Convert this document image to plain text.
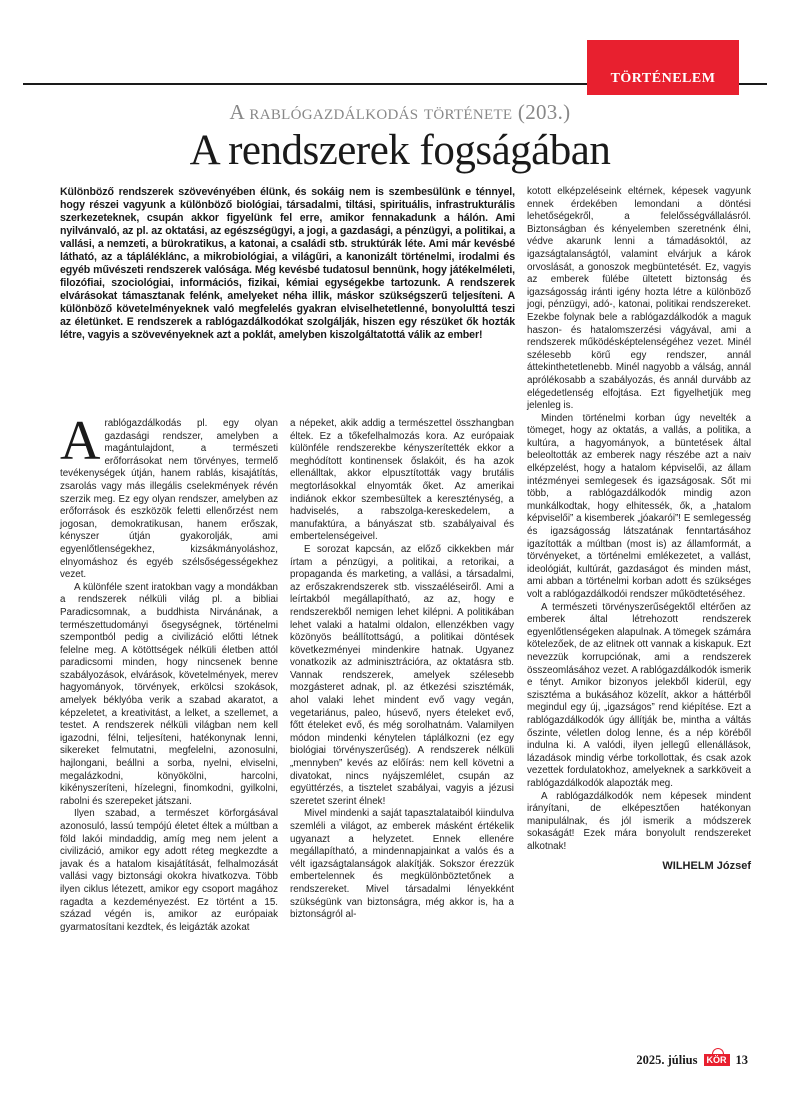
TÖRTÉNELEM
A rablógazdálkodás története (203.)
A rendszerek fogságában
Különböző rendszerek szövevényében élünk, és sokáig nem is szembesülünk e ténnyel, hogy részei vagyunk a különböző biológiai, társadalmi, tiltási, spirituális, infrastrukturális szerkezeteknek, csupán akkor figyelünk fel erre, amikor fennakadunk a hálón. Ami nyilvánvaló, az pl. az oktatási, az egészségügyi, a jogi, a gazdasági, a pénzügyi, a politikai, a vallási, a nemzeti, a bürokratikus, a katonai, a családi stb. struktúrák léte. Ami már kevésbé látható, az a tápláléklánc, a mikrobiológiai, a világűri, a kanonizált történelmi, irodalmi és egyéb művészeti rendszerek valósága. Még kevésbé tudatosul bennünk, hogy játékelméleti, filozófiai, szociológiai, információs, fizikai, kémiai egységekbe tartozunk. A rendszerek elvárásokat támasztanak felénk, amelyeket néha illik, máskor szükségszerű teljesíteni. A különböző követelményeknek való megfelelés gyakran elviselhetetlenné, bonyolulttá teszi az életünket. E rendszerek a rablógazdálkodókat szolgálják, hiszen egy részüket ők hozták létre, vagyis a szövevényeknek azt a poklát, amelyben kiszolgáltatottá válik az ember!

A rablógazdálkodás pl. egy olyan gazdasági rendszer, amelyben a magántulajdont, a természeti erőforrásokat nem törvényes, termelő tevékenységek útján, hanem rablás, kisajátítás, zsarolás vagy más illegális cselekmények révén szerzik meg. Ez egy olyan rendszer, amelyben az erőforrások és eszközök feletti ellenőrzést nem jogosan, demokratikusan, hanem erőszak, kényszer útján gyakorolják, ami egyenlőtlenségekhez, kizsákmányoláshoz, elnyomáshoz és egyéb szélsőségességekhez vezet.

A különféle szent iratokban vagy a mondákban a rendszerek nélküli világ pl. a bibliai Paradicsomnak, a buddhista Nirvánának, a természettudományi ősegységnek, történelmi szempontból pedig a civilizáció előtti létnek felelne meg. A kötöttségek nélküli életben attól paradicsomi minden, hogy nincsenek benne szabályozások, elvárások, követelmények, merev hagyományok, törvények, erkölcsi szokások, amelyek béklyóba verik a szabad akaratot, a képzeletet, a kreativitást, a lelket, a szellemet, a testet. A rendszerek nélküli világban nem kell igazodni, félni, teljesíteni, hatékonynak lenni, sikereket felmutatni, megfelelni, azonosulni, hajlongani, beállni a sorba, nyelni, elviselni, megalázkodni, könyökölni, harcolni, kikényszeríteni, hízelegni, finomkodni, gyilkolni, rabolni és szerepeket játszani.

Ilyen szabad, a természet körforgásával azonosuló, lassú tempójú életet éltek a múltban a föld lakói mindaddig, amíg meg nem jelent a civilizáció, amikor egy adott réteg megkezdte a javak és a hatalom kisajátítását, felhalmozását vallási vagy biztonsági okokra hivatkozva. Több ilyen ciklus létezett, amikor egy csoport magához ragadta a kezdeményezést. Ez történt a 15. század végén is, amikor az európaiak gyarmatosítani kezdtek, és leigázták azokat

a népeket, akik addig a természettel összhangban éltek. Ez a tőkefelhalmozás kora. Az európaiak különféle rendszerekbe kényszerítették ekkor a meghódított kontinensek őslakóit, és ha azok ellenálltak, akkor elpusztították vagy brutális megtorlásokkal elnyomták őket. Az amerikai indiánok ekkor szembesültek a kereszténység, a hadviselés, a rabszolga-kereskedelem, a manufaktúra, a bányászat stb. szabályaival és embertelenségeivel.

E sorozat kapcsán, az előző cikkekben már írtam a pénzügyi, a politikai, a retorikai, a propaganda és marketing, a vallási, a társadalmi, az erőszakrendszerek stb. visszaéléseiről. Ami a leírtakból megállapítható, az az, hogy e rendszerekből nemigen lehet kilépni. A politikában lehet valaki a hatalmi oldalon, ellenzékben vagy közönyös beállítottságú, a politikai döntések következményei mindenkire hatnak. Ugyanez vonatkozik az adminisztrációra, az oktatásra stb. Vannak rendszerek, amelyek szélesebb mozgásteret adnak, pl. az étkezési szisztémák, ahol valaki lehet mindent evő vagy vegán, vegetariánus, paleo, húsevő, nyers ételeket evő, főtt ételeket evő, és még sorolhatnám. Valamilyen módon mindenki kénytelen táplálkozni (ez egy biológiai törvényszerűség). A rendszerek nélküli „mennyben” kevés az előírás: nem kell követni a divatokat, nincs nyájszemlélet, csupán az együttérzés, a tisztelet szabályai, vagyis a jézusi szeretet szerint élnek!

Mivel mindenki a saját tapasztalataiból kiindulva szemléli a világot, az emberek másként értékelik ugyanazt a helyzetet. Ennek ellenére megállapítható, a mindennapjainkat a valós és a vélt igazságtalanságok alakítják. Sokszor érezzük embertelennek és megkülönböztetőnek a rendszereket. Mivel társadalmi lényekként szükségünk van biztonságra, még akkor is, ha a biztonságról al-

kotott elképzeléseink eltérnek, képesek vagyunk ennek érdekében lemondani a döntési lehetőségekről, a felelősségvállalásról. Biztonságban és kényelemben szeretnénk élni, védve akarunk lenni a támadásoktól, az igazságtalanságtól, valamint elvárjuk a károk orvoslását, a gonoszok megbüntetését. Ez, vagyis az emberek fülébe ültetett biztonság és igazságosság iránti igény hozta létre a különböző jogi, pénzügyi, adó-, katonai, politikai rendszereket. Ezekbe folynak bele a rablógazdálkodók a maguk haszon- és hatalomszerzési vágyával, ami a rendszerek működésképtelenségéhez vezet. Minél szélesebb körű egy rendszer, annál áttekinthetetlenebb. Minél nagyobb a válság, annál aprólékosabb a szabályozás, és annál durvább az elégedetlenség elfojtása. Ezt figyelhetjük meg jelenleg is.

Minden történelmi korban úgy nevelték a tömeget, hogy az oktatás, a vallás, a politika, a kultúra, a hagyományok, a büntetések által beleoltották az emberek nagy részébe azt a naiv elképzelést, hogy a hatalom képviselői, az állam intézményei semlegesek és igazságosak. Sőt mi több, a rablógazdálkodók mindig azon munkálkodtak, hogy elhitessék, ők, a „hatalom képviselői” a kisemberek „jóakarói”! E semlegesség és igazságosság látszatának fenntartásához igazították a múltban (most is) az államformát, a törvényeket, a történelmi emlékezetet, a vallást, ideológiát, kultúrát, gazdaságot és minden mást, ami abban a történelmi korban adott és szükséges volt a rablógazdálkodói rendszer működtetéséhez.

A természeti törvényszerűségektől eltérően az emberek által létrehozott rendszerek egyenlőtlenségeken alapulnak. A tömegek számára kötelezőek, de az elitnek ott vannak a kiskapuk. Ezt nevezzük korrupciónak, ami a rendszerek összeomlásához vezet. A rablógazdálkodók ismerik e tényt. Amikor bizonyos jelekből kiderül, egy szisztéma a bukásához közelít, akkor a háttérből megindul egy új, „igazságos” rend kiépítése. Ezt a rablógazdálkodók úgy állítják be, mintha a váltás őszinte, véletlen dolog lenne, és a nép köréből indulna ki. A valódi, ilyen jellegű ellenállások, lázadások mindig vérbe torkollottak, és csak azok vezettek fordulatokhoz, amelyeknek a sarkköveit a rablógazdálkodók alapozták meg.

A rablógazdálkodók nem képesek mindent irányítani, de elképesztően hatékonyan manipulálnak, és jól ismerik a módszerek sokaságát! Ezek mára bonyolult rendszereket alkotnak!

WILHELM József
2025. július	KÖR 13
